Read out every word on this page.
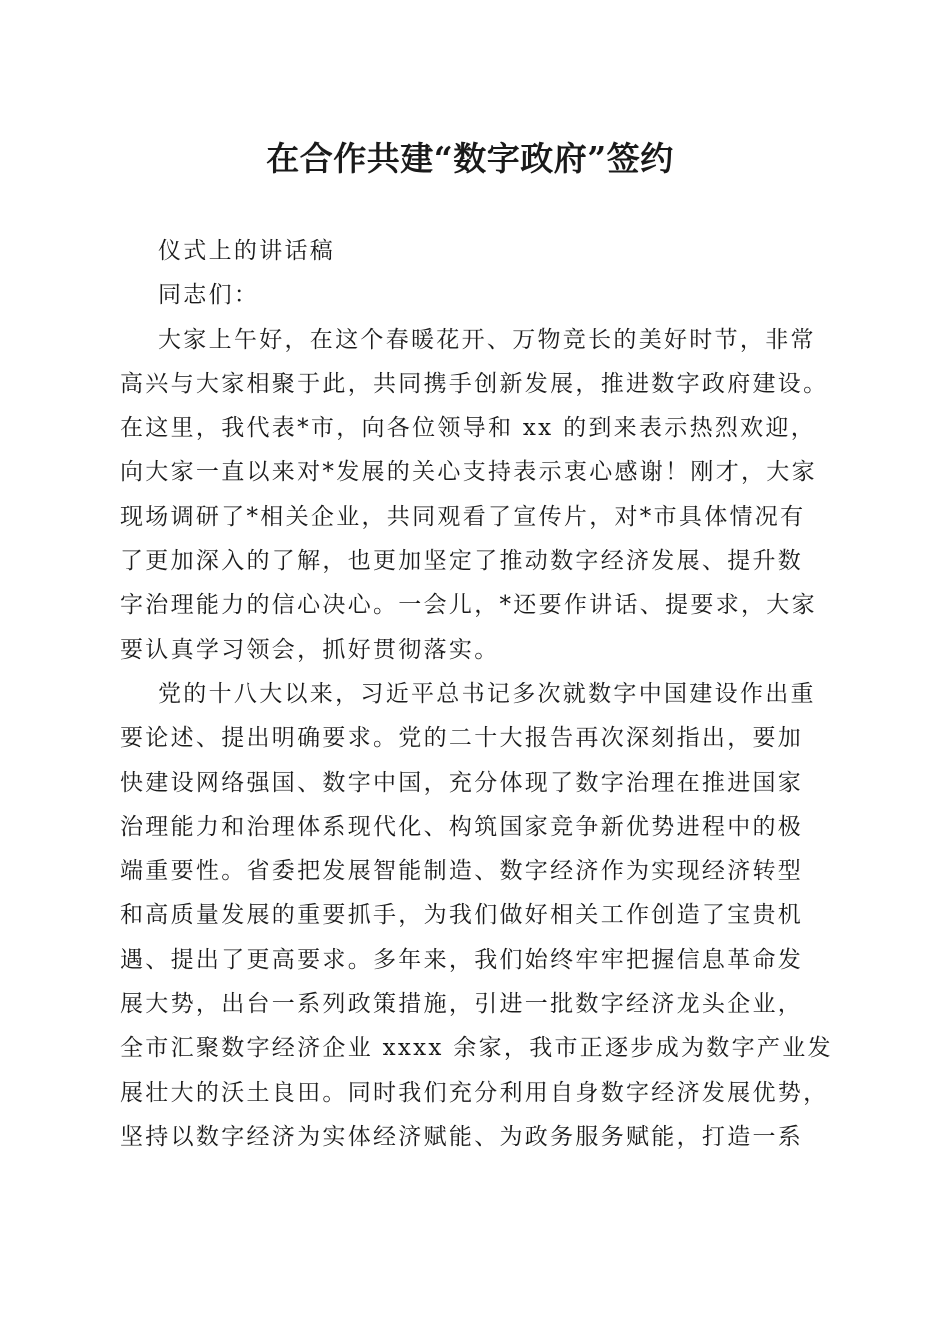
在合作共建“数字政府”签约
仪式上的讲话稿
同志们：
大家上午好，在这个春暖花开、万物竞长的美好时节，非常
高兴与大家相聚于此，共同携手创新发展，推进数字政府建设。
在这里，我代表*市，向各位领导和 xx 的到来表示热烈欢迎，
向大家一直以来对*发展的关心支持表示衷心感谢！刚才，大家
现场调研了*相关企业，共同观看了宣传片，对*市具体情况有
了更加深入的了解，也更加坚定了推动数字经济发展、提升数
字治理能力的信心决心。一会儿，*还要作讲话、提要求，大家
要认真学习领会，抓好贯彻落实。
党的十八大以来，习近平总书记多次就数字中国建设作出重
要论述、提出明确要求。党的二十大报告再次深刻指出，要加
快建设网络强国、数字中国，充分体现了数字治理在推进国家
治理能力和治理体系现代化、构筑国家竞争新优势进程中的极
端重要性。省委把发展智能制造、数字经济作为实现经济转型
和高质量发展的重要抓手，为我们做好相关工作创造了宝贵机
遇、提出了更高要求。多年来，我们始终牢牢把握信息革命发
展大势，出台一系列政策措施，引进一批数字经济龙头企业，
全市汇聚数字经济企业 xxxx 余家，我市正逐步成为数字产业发
展壮大的沃土良田。同时我们充分利用自身数字经济发展优势，
坚持以数字经济为实体经济赋能、为政务服务赋能，打造一系
